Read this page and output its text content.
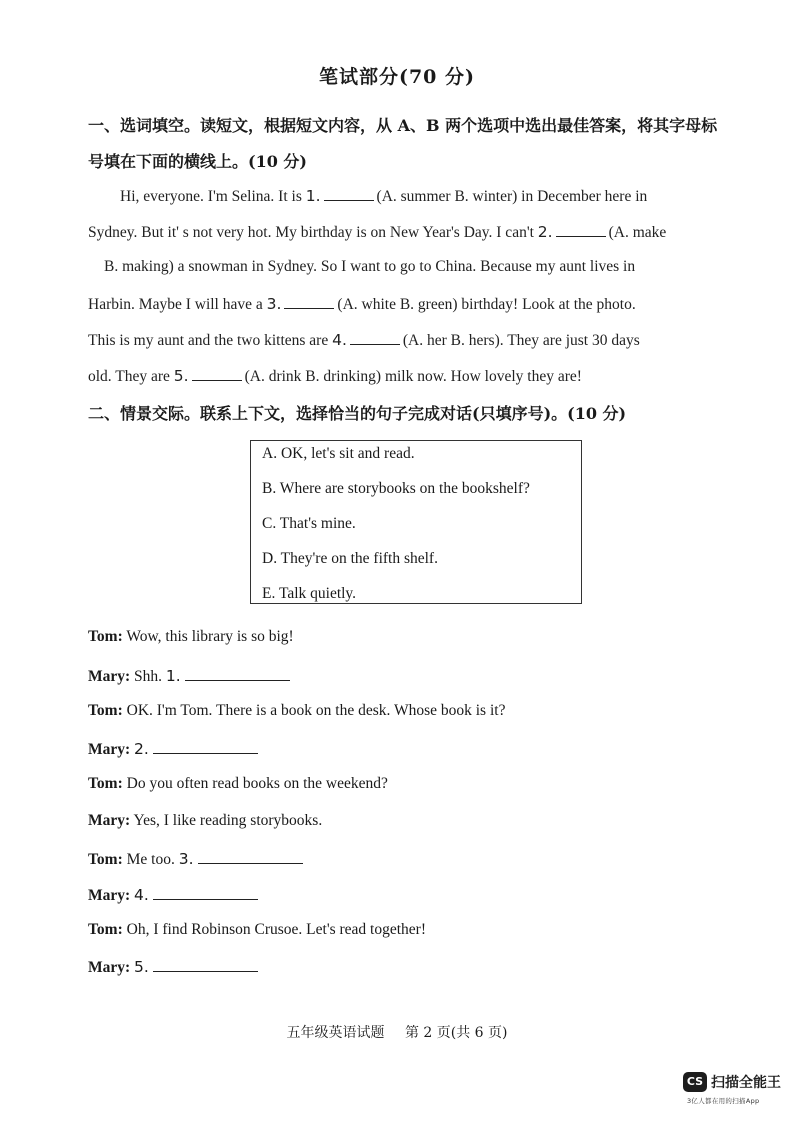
笔试部分(70 分)
一、选词填空。读短文，根据短文内容，从 A、B 两个选项中选出最佳答案，将其字母标
号填在下面的横线上。(10 分)
Hi, everyone. I'm Selina. It is 1.	(A. summer B. winter) in December here in
Sydney. But it' s not very hot. My birthday is on New Year's Day. I can't 2.	(A. make
B. making) a snowman in Sydney. So I want to go to China. Because my aunt lives in
Harbin. Maybe I will have a 3.	(A. white B. green) birthday! Look at the photo.
This is my aunt and the two kittens are 4.	(A. her B. hers). They are just 30 days
old. They are 5.	(A. drink B. drinking) milk now. How lovely they are!
二、情景交际。联系上下文，选择恰当的句子完成对话(只填序号)。(10 分)
A. OK, let's sit and read.
B. Where are storybooks on the bookshelf?
C. That's mine.
D. They're on the fifth shelf.
E. Talk quietly.
Tom: Wow, this library is so big!
Mary: Shh. 1.
Tom: OK. I'm Tom. There is a book on the desk. Whose book is it?
Mary: 2.
Tom: Do you often read books on the weekend?
Mary: Yes, I like reading storybooks.
Tom: Me too. 3.
Mary: 4.
Tom: Oh, I find Robinson Crusoe. Let's read together!
Mary: 5.
五年级英语试题 第 2 页(共 6 页)
CS 扫描全能王
3亿人都在用的扫描App
